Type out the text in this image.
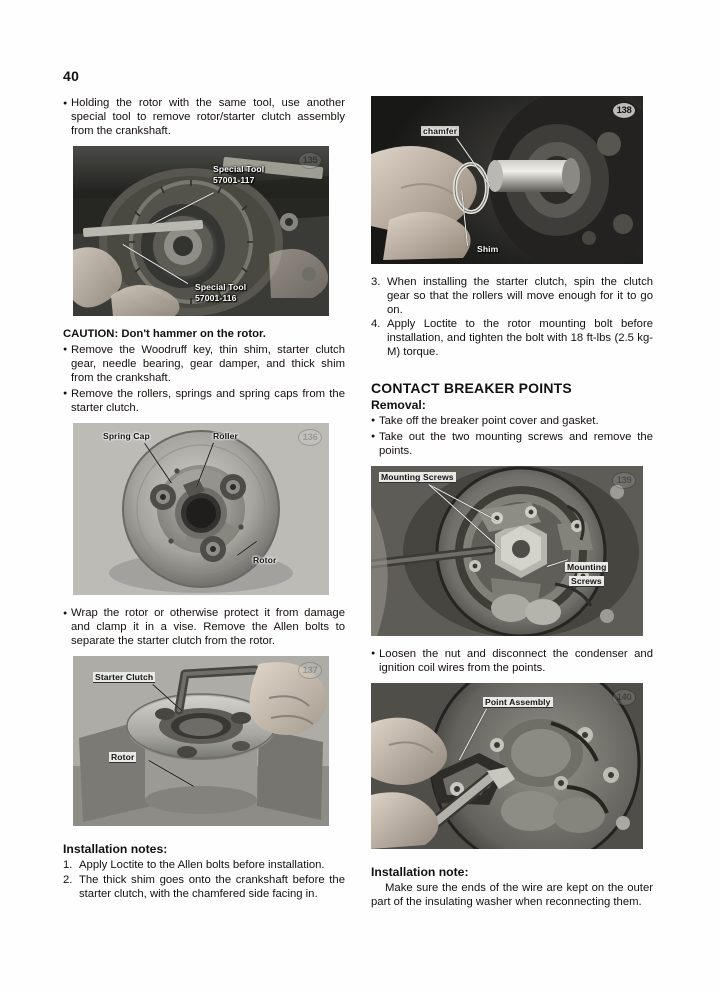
40

● Holding the rotor with the same tool, use another special tool to remove rotor/starter clutch assembly from the crankshaft.

135
Special Tool
57001-117
Special Tool
57001-116

CAUTION: Don't hammer on the rotor.

● Remove the Woodruff key, thin shim, starter clutch gear, needle bearing, gear damper, and thick shim from the crankshaft.

● Remove the rollers, springs and spring caps from the starter clutch.

136
Spring Cap	Roller
Rotor

● Wrap the rotor or otherwise protect it from damage and clamp it in a vise. Remove the Allen bolts to separate the starter clutch from the rotor.

137
Starter Clutch
Rotor

Installation notes:

1. Apply Loctite to the Allen bolts before installation.
2. The thick shim goes onto the crankshaft before the starter clutch, with the chamfered side facing in.
138
chamfer
Shim
3. When installing the starter clutch, spin the clutch gear so that the rollers will move enough for it to go on.
4. Apply Loctite to the rotor mounting bolt before installation, and tighten the bolt with 18 ft-lbs (2.5 kg-M) torque.

CONTACT BREAKER POINTS

Removal:

● Take off the breaker point cover and gasket.

● Take out the two mounting screws and remove the points.

139
Mounting Screws
Mounting
Screws

● Loosen the nut and disconnect the condenser and ignition coil wires from the points.

140
Point Assembly

Installation note:

Make sure the ends of the wire are kept on the outer part of the insulating washer when reconnecting them.
